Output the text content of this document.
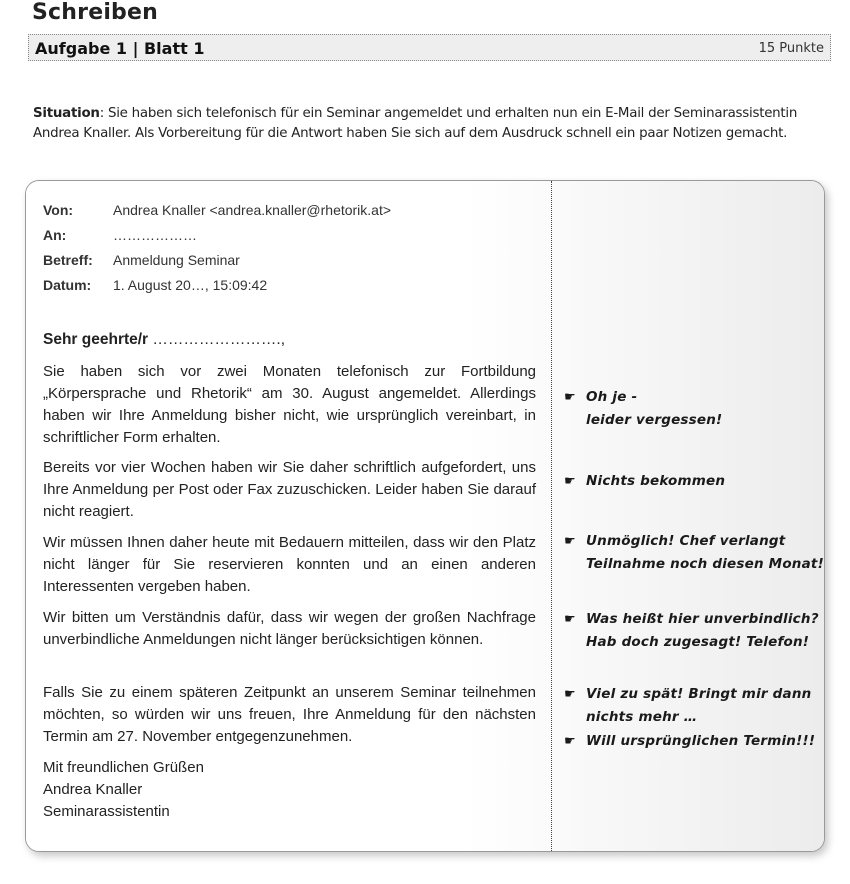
Schreiben
Aufgabe 1 | Blatt 1	15 Punkte
Situation: Sie haben sich telefonisch für ein Seminar angemeldet und erhalten nun ein E-Mail der Seminarassistentin Andrea Knaller. Als Vorbereitung für die Antwort haben Sie sich auf dem Ausdruck schnell ein paar Notizen gemacht.
Von:	Andrea Knaller <andrea.knaller@rhetorik.at>
An:	………………
Betreff: Anmeldung Seminar
Datum: 1. August 20…, 15:09:42
Sehr geehrte/r …………………….,
Sie haben sich vor zwei Monaten telefonisch zur Fortbildung „Körpersprache und Rhetorik“ am 30. August angemeldet. Allerdings haben wir Ihre Anmeldung bisher nicht, wie ursprünglich vereinbart, in schriftlicher Form erhalten.
Bereits vor vier Wochen haben wir Sie daher schriftlich aufgefordert, uns Ihre Anmeldung per Post oder Fax zuzuschicken. Leider haben Sie darauf nicht reagiert.
Wir müssen Ihnen daher heute mit Bedauern mitteilen, dass wir den Platz nicht länger für Sie reservieren konnten und an einen anderen Interessenten vergeben haben.
Wir bitten um Verständnis dafür, dass wir wegen der großen Nachfrage unverbindliche Anmeldungen nicht länger berücksichtigen können.
Falls Sie zu einem späteren Zeitpunkt an unserem Seminar teilnehmen möchten, so würden wir uns freuen, Ihre Anmeldung für den nächsten Termin am 27. November entgegenzunehmen.
Mit freundlichen Grüßen
Andrea Knaller
Seminarassistentin
☛ Oh je -
leider vergessen!
☛ Nichts bekommen
☛ Unmöglich! Chef verlangt
Teilnahme noch diesen Monat!
☛ Was heißt hier unverbindlich?
Hab doch zugesagt! Telefon!
☛ Viel zu spät! Bringt mir dann
nichts mehr …
☛ Will ursprünglichen Termin!!!
